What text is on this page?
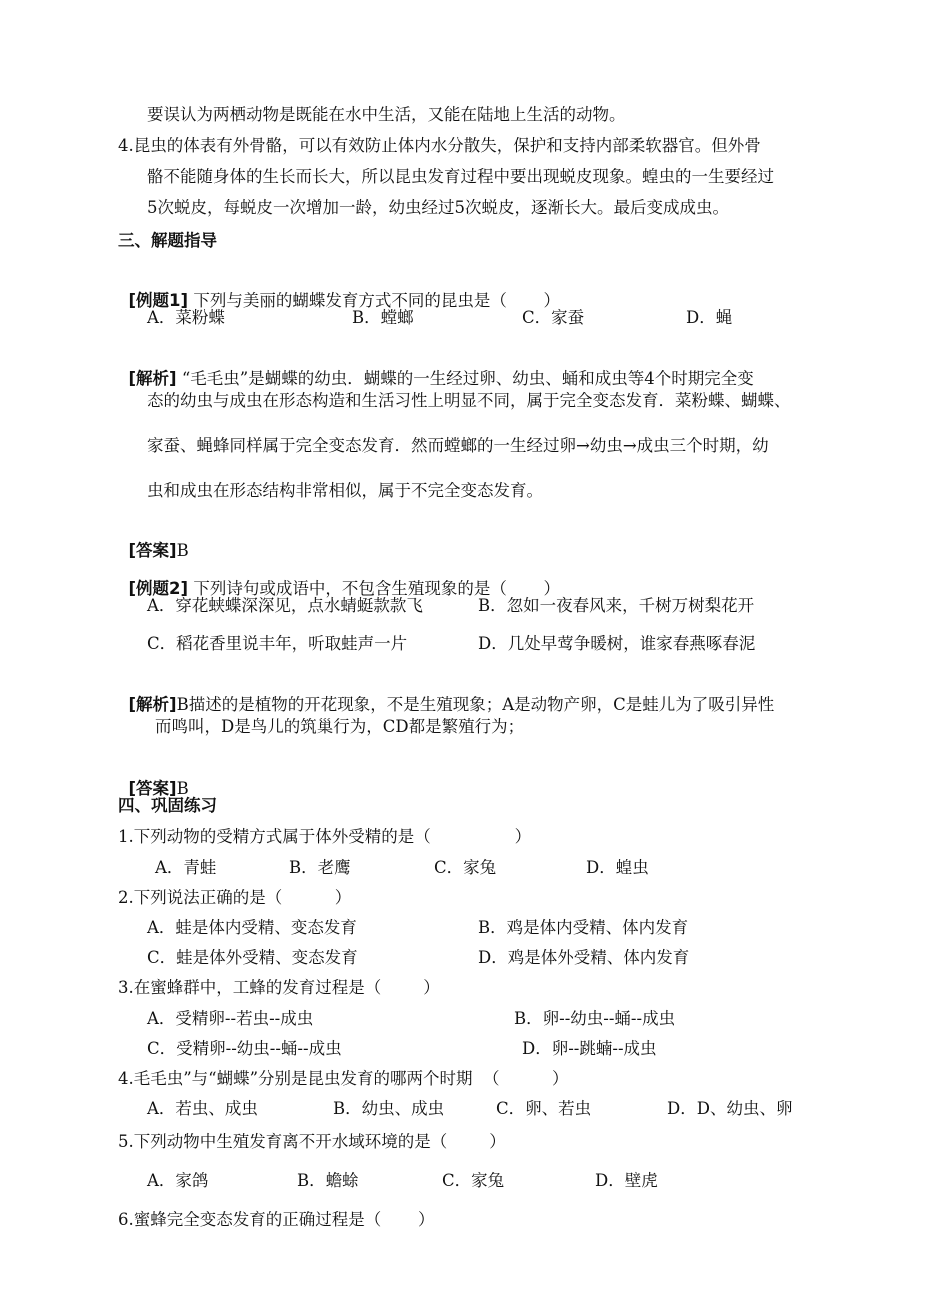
要误认为两栖动物是既能在水中生活，又能在陆地上生活的动物。
4.昆虫的体表有外骨骼，可以有效防止体内水分散失，保护和支持内部柔软器官。但外骨
骼不能随身体的生长而长大，所以昆虫发育过程中要出现蜕皮现象。蝗虫的一生要经过
5次蜕皮，每蜕皮一次增加一龄，幼虫经过5次蜕皮，逐渐长大。最后变成成虫。
三、解题指导

[例题1] 下列与美丽的蝴蝶发育方式不同的昆虫是（       ）

A．菜粉蝶	B．螳螂	C．家蚕	D．蝇

[解析] “毛毛虫”是蝴蝶的幼虫．蝴蝶的一生经过卵、幼虫、蛹和成虫等4个时期完全变

态的幼虫与成虫在形态构造和生活习性上明显不同，属于完全变态发育．菜粉蝶、蝴蝶、
家蚕、蝇蜂同样属于完全变态发育．然而螳螂的一生经过卵→幼虫→成虫三个时期，幼
虫和成虫在形态结构非常相似，属于不完全变态发育。

[答案]B

[例题2] 下列诗句或成语中，不包含生殖现象的是（       ）

A．穿花蛱蝶深深见，点水蜻蜓款款飞	B．忽如一夜春风来，千树万树梨花开
C．稻花香里说丰年，听取蛙声一片	D．几处早莺争暖树，谁家春燕啄春泥

[解析]B描述的是植物的开花现象，不是生殖现象；A是动物产卵，C是蛙儿为了吸引异性

而鸣叫，D是鸟儿的筑巢行为，CD都是繁殖行为；

[答案]B

四、巩固练习
1.下列动物的受精方式属于体外受精的是（                ）
A．青蛙	B．老鹰	C．家兔	D．蝗虫
2.下列说法正确的是（          ）
A．蛙是体内受精、变态发育	B．鸡是体内受精、体内发育
C．蛙是体外受精、变态发育	D．鸡是体外受精、体内发育
3.在蜜蜂群中，工蜂的发育过程是（        ）
A．受精卵--若虫--成虫	B．卵--幼虫--蛹--成虫
C．受精卵--幼虫--蛹--成虫	D．卵--跳蝻--成虫
4.毛毛虫”与“蝴蝶”分别是昆虫发育的哪两个时期  （          ）
A．若虫、成虫	B．幼虫、成虫	C．卵、若虫	D．D、幼虫、卵
5.下列动物中生殖发育离不开水域环境的是（        ）
A．家鸽	B．蟾蜍	C．家兔	D．壁虎
6.蜜蜂完全变态发育的正确过程是（       ）
